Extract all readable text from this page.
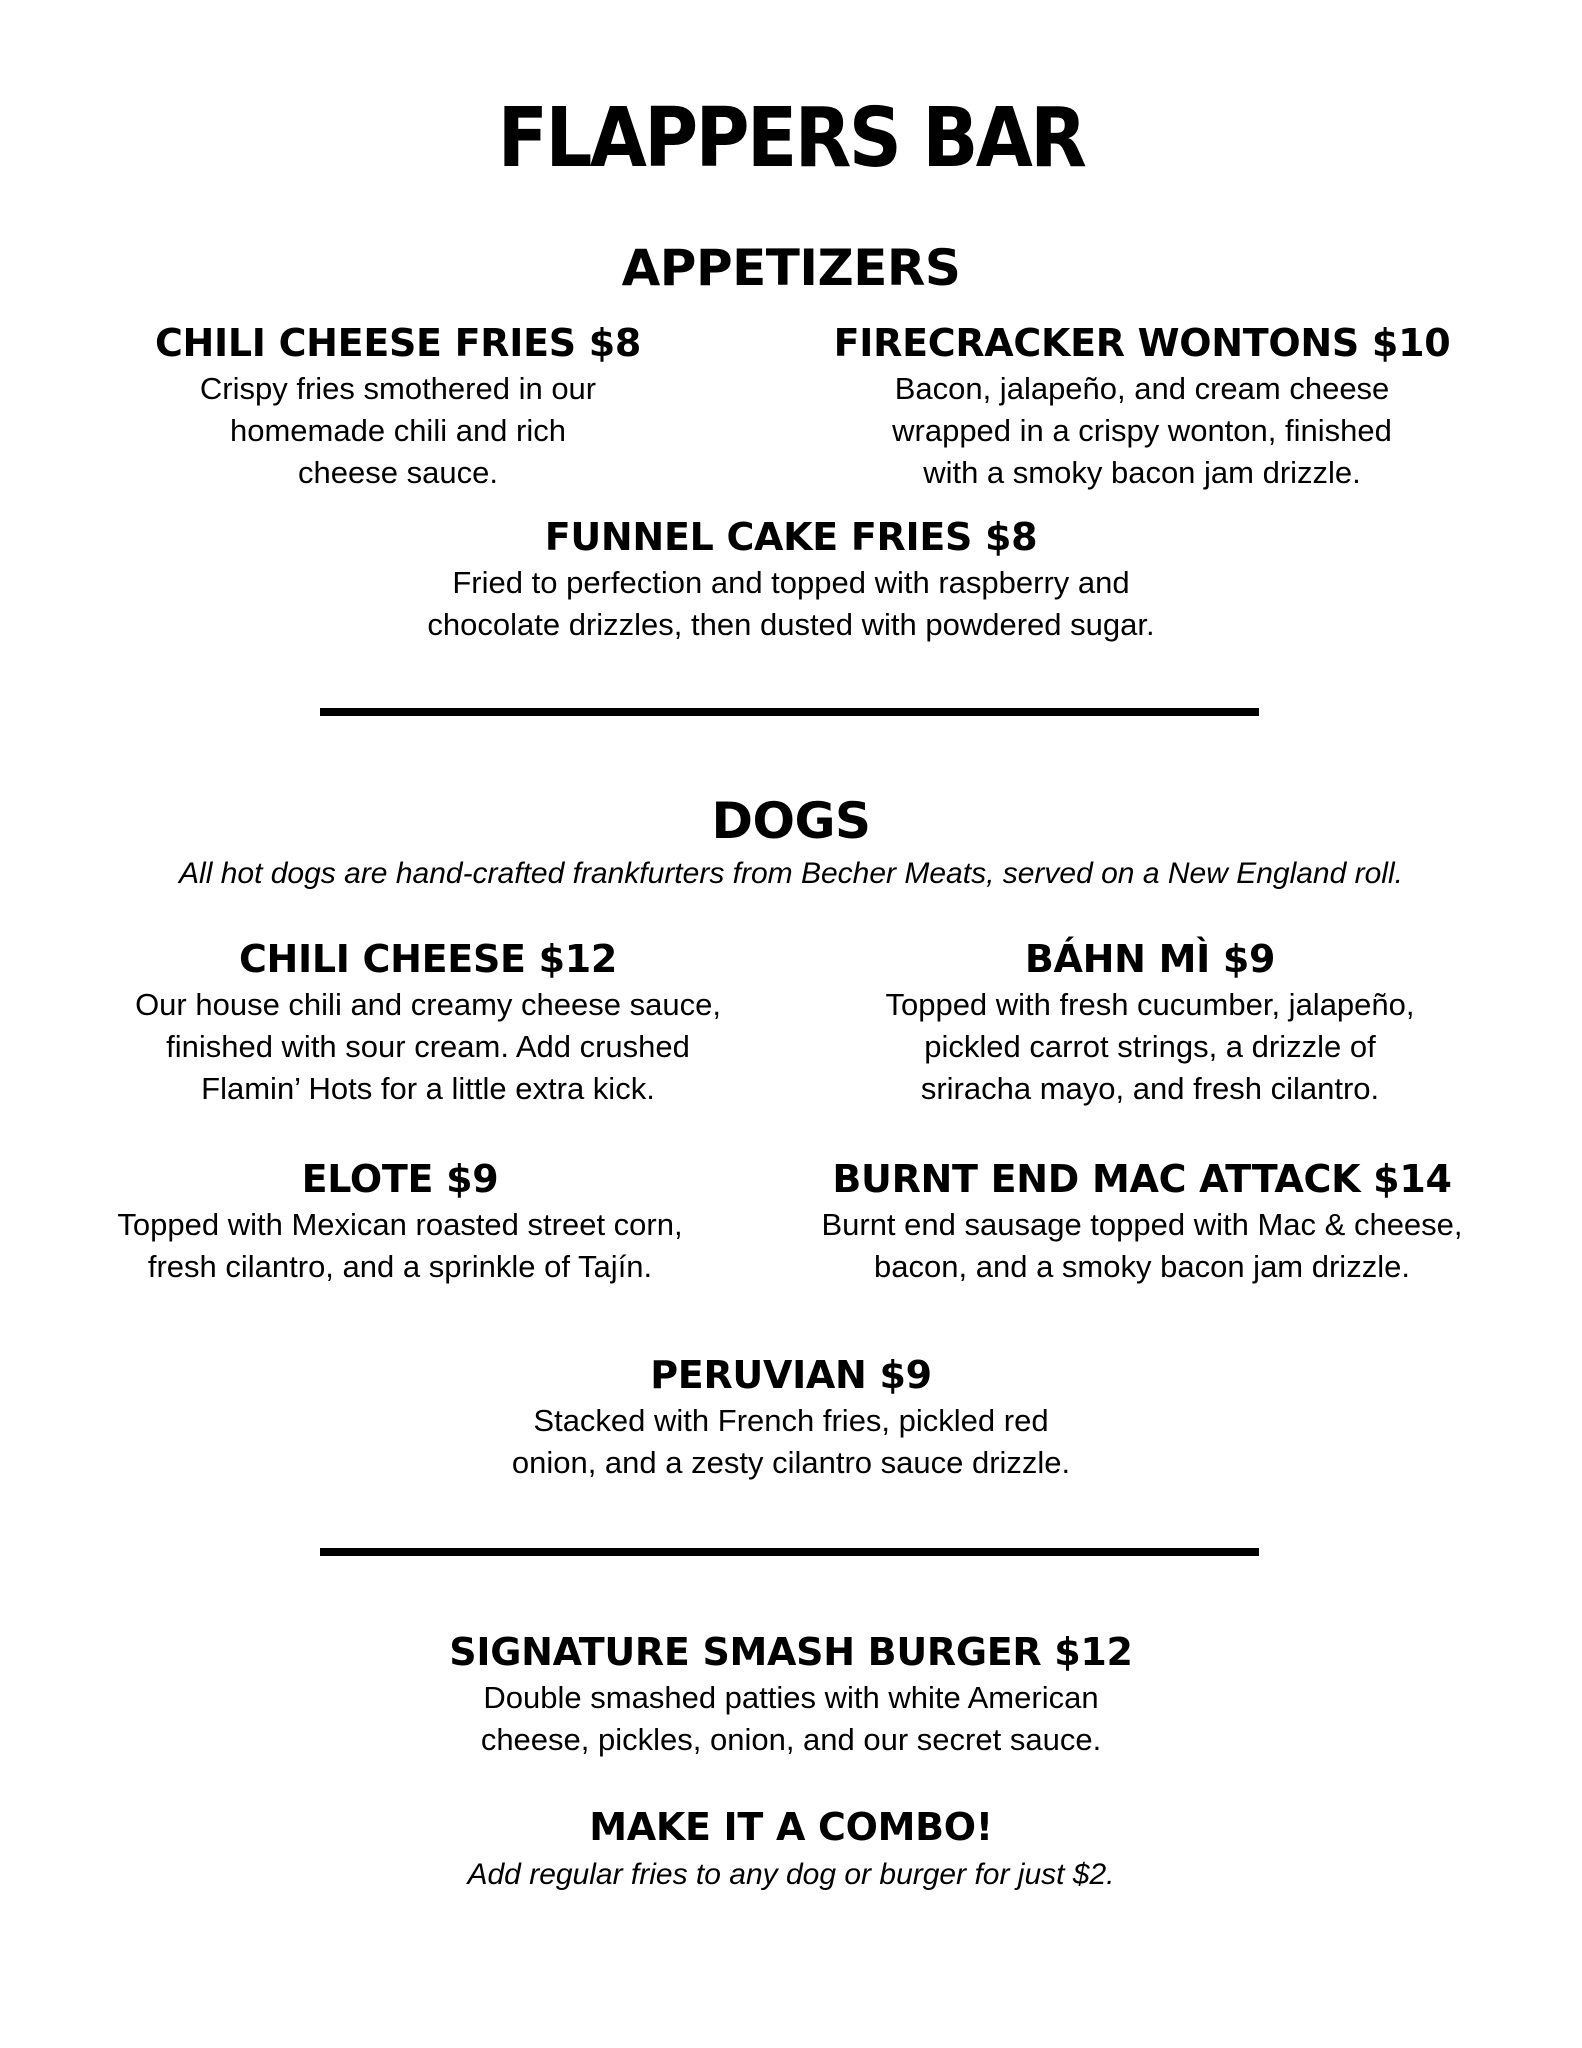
FLAPPERS BAR
APPETIZERS
CHILI CHEESE FRIES $8
Crispy fries smothered in our
homemade chili and rich
cheese sauce.
FIRECRACKER WONTONS $10
Bacon, jalapeño, and cream cheese
wrapped in a crispy wonton, finished
with a smoky bacon jam drizzle.
FUNNEL CAKE FRIES $8
Fried to perfection and topped with raspberry and
chocolate drizzles, then dusted with powdered sugar.
DOGS
All hot dogs are hand-crafted frankfurters from Becher Meats, served on a New England roll.
CHILI CHEESE $12
Our house chili and creamy cheese sauce,
finished with sour cream. Add crushed
Flamin’ Hots for a little extra kick.
BÁHN MÌ $9
Topped with fresh cucumber, jalapeño,
pickled carrot strings, a drizzle of
sriracha mayo, and fresh cilantro.
ELOTE $9
Topped with Mexican roasted street corn,
fresh cilantro, and a sprinkle of Tajín.
BURNT END MAC ATTACK $14
Burnt end sausage topped with Mac & cheese,
bacon, and a smoky bacon jam drizzle.
PERUVIAN $9
Stacked with French fries, pickled red
onion, and a zesty cilantro sauce drizzle.
SIGNATURE SMASH BURGER $12
Double smashed patties with white American
cheese, pickles, onion, and our secret sauce.
MAKE IT A COMBO!
Add regular fries to any dog or burger for just $2.
